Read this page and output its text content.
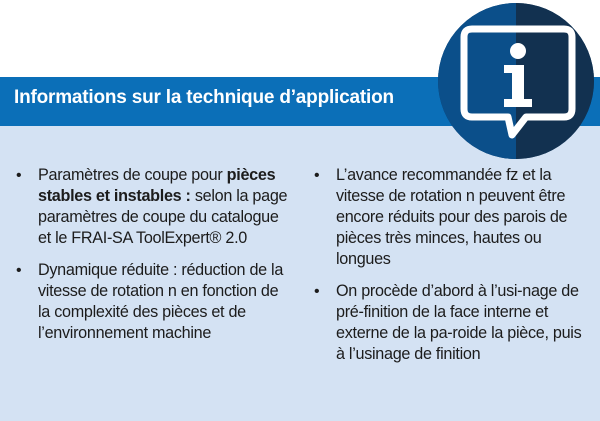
Informations sur la technique d’application
• Paramètres de coupe pour pièces stables et instables : selon la page paramètres de coupe du catalogue et le FRAI-SA ToolExpert® 2.0
• Dynamique réduite : réduction de la vitesse de rotation n en fonction de la complexité des pièces et de l’environnement machine
• L’avance recommandée fz et la vitesse de rotation n peuvent être encore réduits pour des parois de pièces très minces, hautes ou longues
• On procède d’abord à l’usi-nage de pré-finition de la face interne et externe de la pa-roide la pièce, puis à l’usinage de finition
